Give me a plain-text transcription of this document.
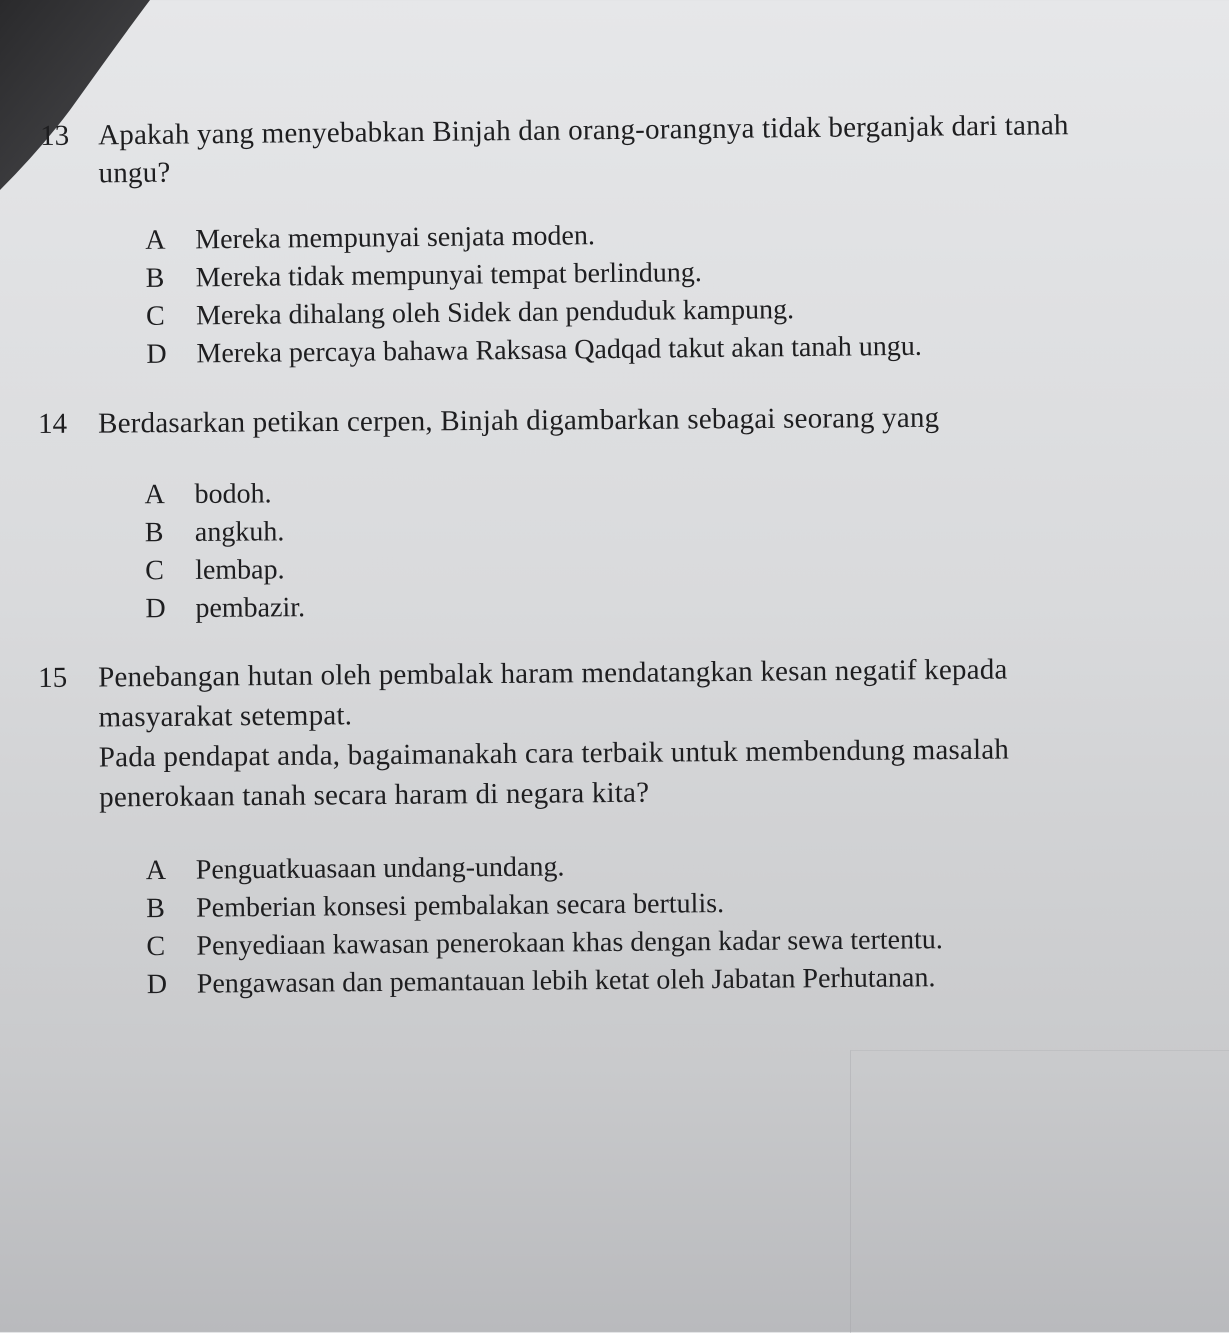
13 Apakah yang menyebabkan Binjah dan orang-orangnya tidak berganjak dari tanah
ungu?
A Mereka mempunyai senjata moden.
B Mereka tidak mempunyai tempat berlindung.
C Mereka dihalang oleh Sidek dan penduduk kampung.
D Mereka percaya bahawa Raksasa Qadqad takut akan tanah ungu.
14 Berdasarkan petikan cerpen, Binjah digambarkan sebagai seorang yang
A bodoh.
B angkuh.
C lembap.
D pembazir.
15 Penebangan hutan oleh pembalak haram mendatangkan kesan negatif kepada
masyarakat setempat.
Pada pendapat anda, bagaimanakah cara terbaik untuk membendung masalah
penerokaan tanah secara haram di negara kita?
A Penguatkuasaan undang-undang.
B Pemberian konsesi pembalakan secara bertulis.
C Penyediaan kawasan penerokaan khas dengan kadar sewa tertentu.
D Pengawasan dan pemantauan lebih ketat oleh Jabatan Perhutanan.
